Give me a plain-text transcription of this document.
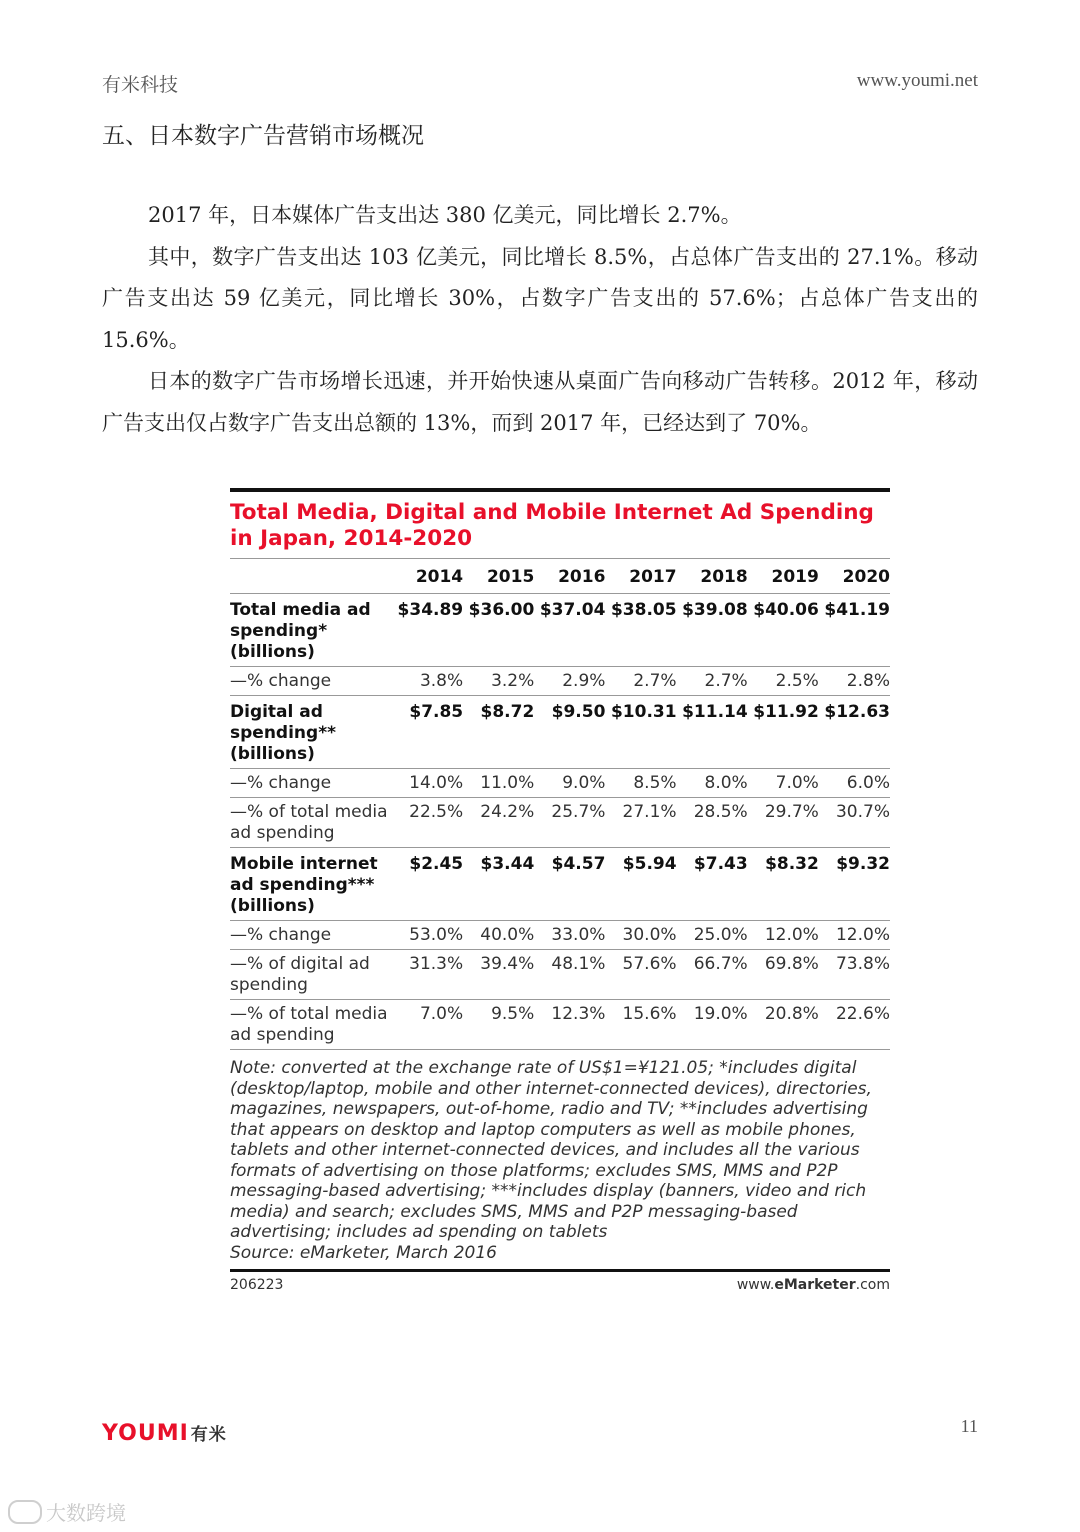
有米科技	www.youmi.net
五、日本数字广告营销市场概况

2017 年，日本媒体广告支出达 380 亿美元，同比增长 2.7%。

其中，数字广告支出达 103 亿美元，同比增长 8.5%，占总体广告支出的 27.1%。移动广告支出达 59 亿美元，同比增长 30%，占数字广告支出的 57.6%；占总体广告支出的 15.6%。

日本的数字广告市场增长迅速，并开始快速从桌面广告向移动广告转移。2012 年，移动广告支出仅占数字广告支出总额的 13%，而到 2017 年，已经达到了 70%。

Total Media, Digital and Mobile Internet Ad Spending in Japan, 2014-2020
	2014	2015	2016	2017	2018	2019	2020
Total media ad spending* (billions)	$34.89	$36.00	$37.04	$38.05	$39.08	$40.06	$41.19
—% change	3.8%	3.2%	2.9%	2.7%	2.7%	2.5%	2.8%
Digital ad spending** (billions)	$7.85	$8.72	$9.50	$10.31	$11.14	$11.92	$12.63
—% change	14.0%	11.0%	9.0%	8.5%	8.0%	7.0%	6.0%
—% of total media ad spending	22.5%	24.2%	25.7%	27.1%	28.5%	29.7%	30.7%
Mobile internet ad spending*** (billions)	$2.45	$3.44	$4.57	$5.94	$7.43	$8.32	$9.32
—% change	53.0%	40.0%	33.0%	30.0%	25.0%	12.0%	12.0%
—% of digital ad spending	31.3%	39.4%	48.1%	57.6%	66.7%	69.8%	73.8%
—% of total media ad spending	7.0%	9.5%	12.3%	15.6%	19.0%	20.8%	22.6%
Note: converted at the exchange rate of US$1=¥121.05; *includes digital (desktop/laptop, mobile and other internet-connected devices), directories, magazines, newspapers, out-of-home, radio and TV; **includes advertising that appears on desktop and laptop computers as well as mobile phones, tablets and other internet-connected devices, and includes all the various formats of advertising on those platforms; excludes SMS, MMS and P2P messaging-based advertising; ***includes display (banners, video and rich media) and search; excludes SMS, MMS and P2P messaging-based advertising; includes ad spending on tablets
Source: eMarketer, March 2016
206223	www.eMarketer.com
YOUMI 有米	11
大数跨境
